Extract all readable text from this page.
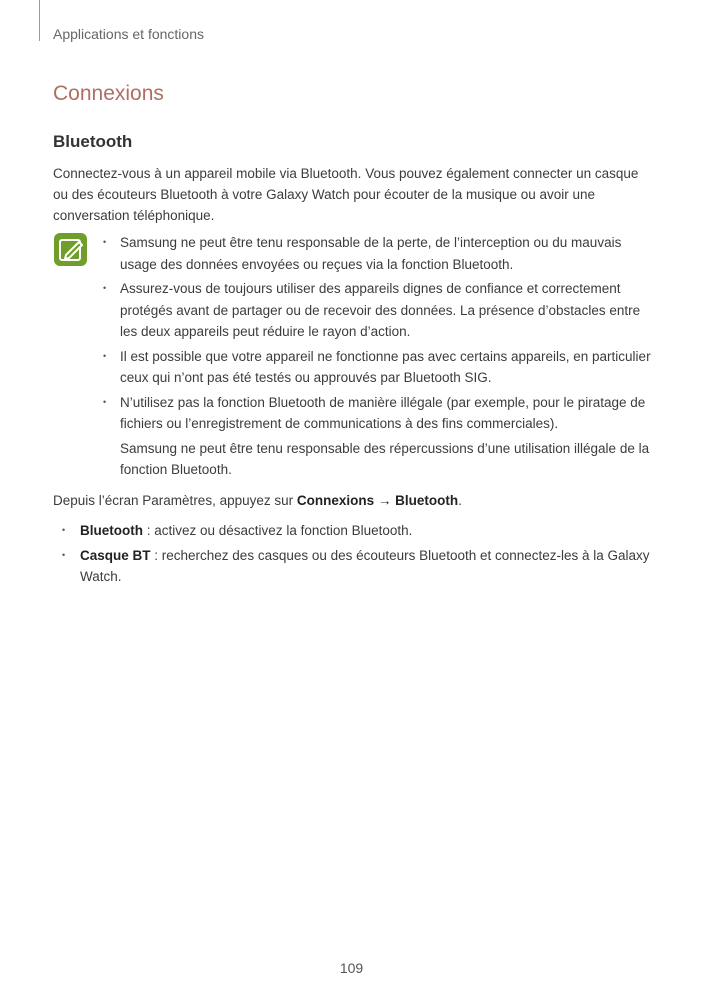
Applications et fonctions
Connexions
Bluetooth

Connectez-vous à un appareil mobile via Bluetooth. Vous pouvez également connecter un casque ou des écouteurs Bluetooth à votre Galaxy Watch pour écouter de la musique ou avoir une conversation téléphonique.

• Samsung ne peut être tenu responsable de la perte, de l’interception ou du mauvais usage des données envoyées ou reçues via la fonction Bluetooth.

• Assurez-vous de toujours utiliser des appareils dignes de confiance et correctement protégés avant de partager ou de recevoir des données. La présence d’obstacles entre les deux appareils peut réduire le rayon d’action.

• Il est possible que votre appareil ne fonctionne pas avec certains appareils, en particulier ceux qui n’ont pas été testés ou approuvés par Bluetooth SIG.

• N’utilisez pas la fonction Bluetooth de manière illégale (par exemple, pour le piratage de fichiers ou l’enregistrement de communications à des fins commerciales).

Samsung ne peut être tenu responsable des répercussions d’une utilisation illégale de la fonction Bluetooth.

Depuis l’écran Paramètres, appuyez sur Connexions → Bluetooth.

• Bluetooth : activez ou désactivez la fonction Bluetooth.
• Casque BT : recherchez des casques ou des écouteurs Bluetooth et connectez-les à la Galaxy Watch.
109
